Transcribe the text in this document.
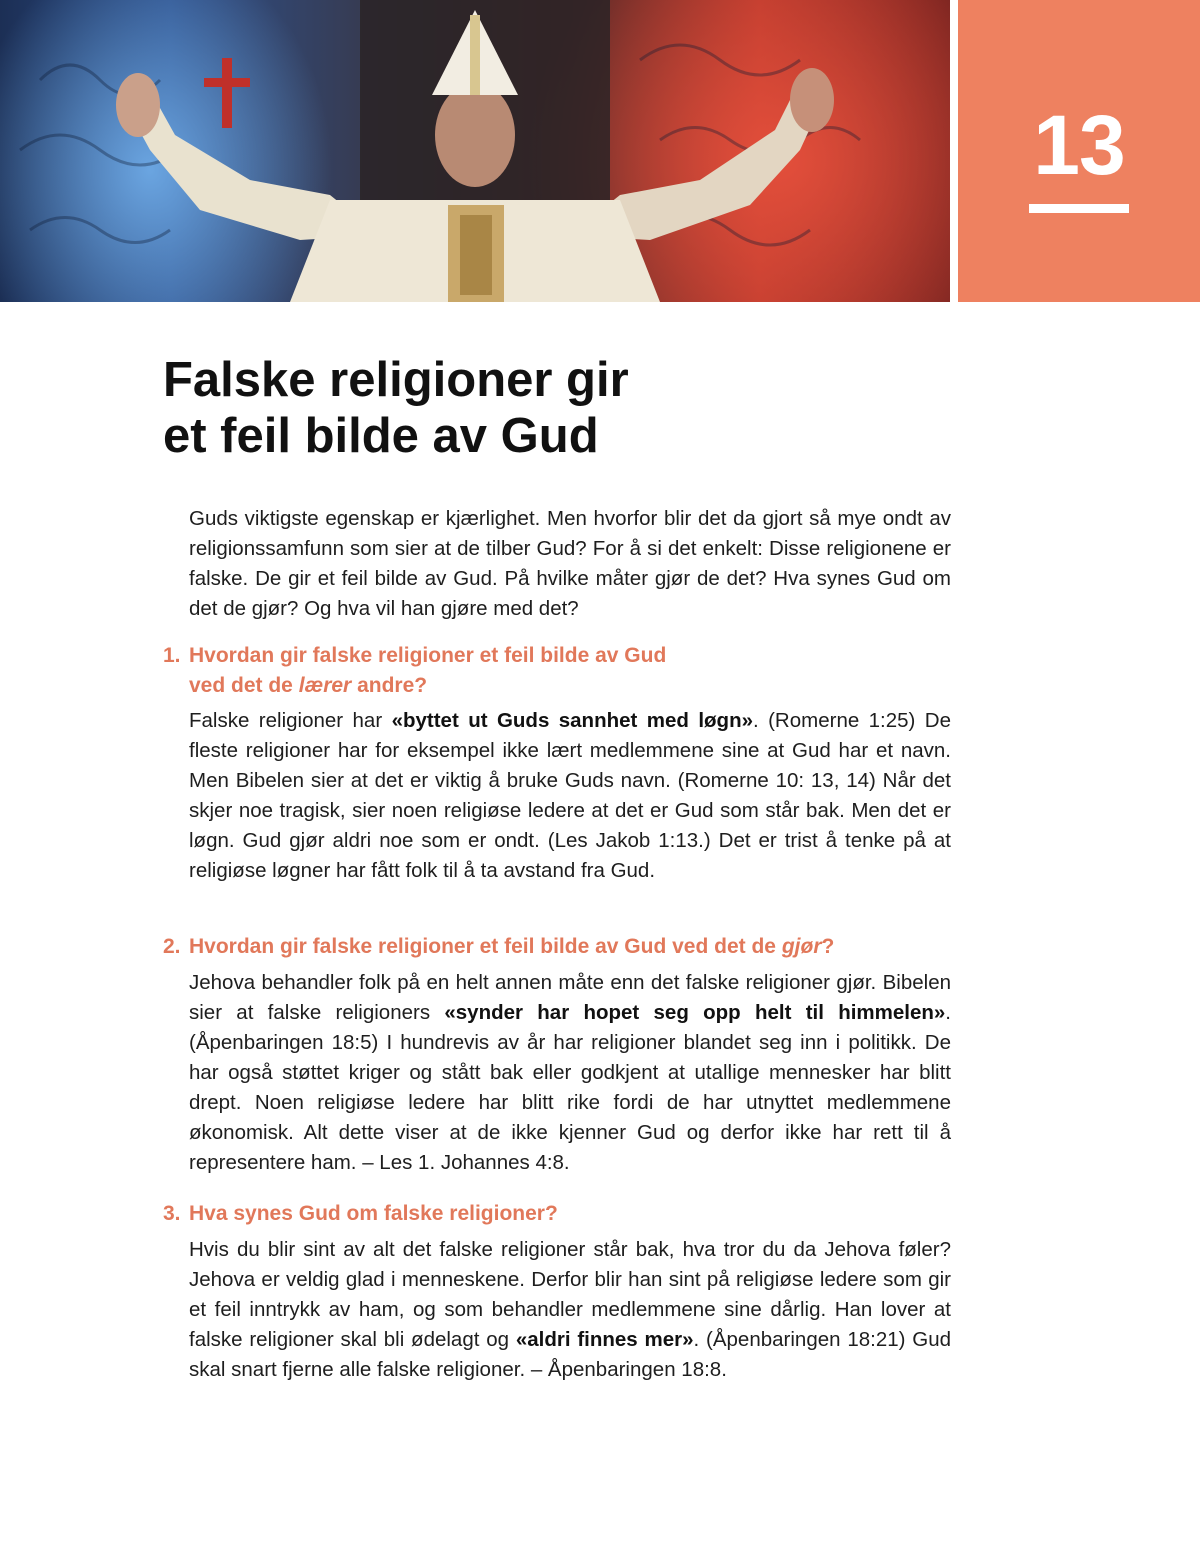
13
Falske religioner gir
et feil bilde av Gud

Guds viktigste egenskap er kjærlighet. Men hvorfor blir det da gjort så mye ondt av religionssamfunn som sier at de tilber Gud? For å si det enkelt: Disse religionene er falske. De gir et feil bilde av Gud. På hvilke måter gjør de det? Hva synes Gud om det de gjør? Og hva vil han gjøre med det?

1. Hvordan gir falske religioner et feil bilde av Gud
ved det de lærer andre?

Falske religioner har «byttet ut Guds sannhet med løgn». (Romerne 1:25) De fleste religioner har for eksempel ikke lært medlemmene sine at Gud har et navn. Men Bibelen sier at det er viktig å bruke Guds navn. (Romerne 10: 13, 14) Når det skjer noe tragisk, sier noen religiøse ledere at det er Gud som står bak. Men det er løgn. Gud gjør aldri noe som er ondt. (Les Jakob 1:13.) Det er trist å tenke på at religiøse løgner har fått folk til å ta avstand fra Gud.

2. Hvordan gir falske religioner et feil bilde av Gud ved det de gjør?

Jehova behandler folk på en helt annen måte enn det falske religioner gjør. Bibelen sier at falske religioners «synder har hopet seg opp helt til himmelen». (Åpenbaringen 18:5) I hundrevis av år har religioner blandet seg inn i politikk. De har også støttet kriger og stått bak eller godkjent at utallige mennesker har blitt drept. Noen religiøse ledere har blitt rike fordi de har utnyttet medlemmene økonomisk. Alt dette viser at de ikke kjenner Gud og derfor ikke har rett til å representere ham. – Les 1. Johannes 4:8.

3. Hva synes Gud om falske religioner?

Hvis du blir sint av alt det falske religioner står bak, hva tror du da Jehova føler? Jehova er veldig glad i menneskene. Derfor blir han sint på religiøse ledere som gir et feil inntrykk av ham, og som behandler medlemmene sine dårlig. Han lover at falske religioner skal bli ødelagt og «aldri finnes mer». (Åpenbaringen 18:21) Gud skal snart fjerne alle falske religioner. – Åpenbaringen 18:8.
